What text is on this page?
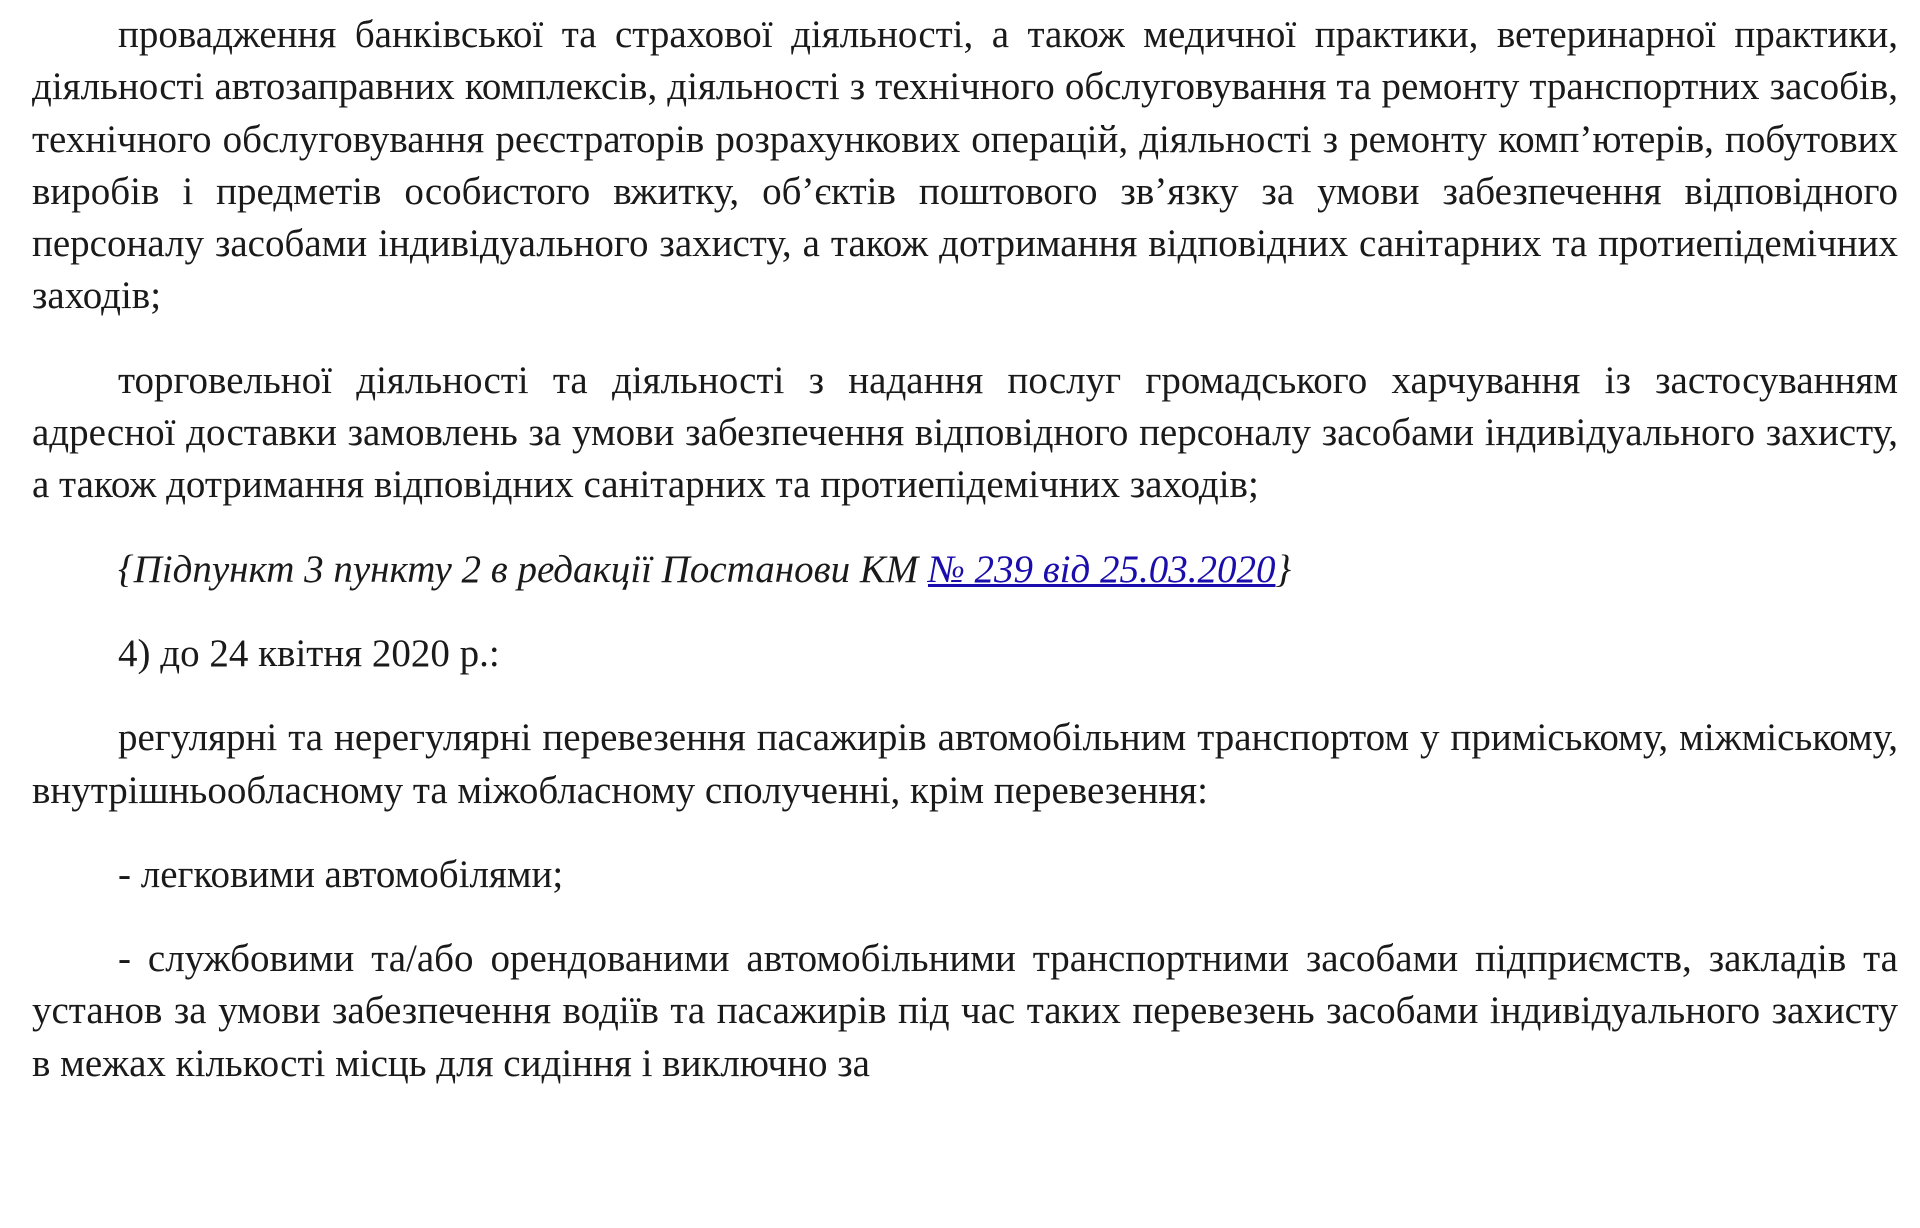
провадження банківської та страхової діяльності, а також медичної практики, ветеринарної практики, діяльності автозаправних комплексів, діяльності з технічного обслуговування та ремонту транспортних засобів, технічного обслуговування реєстраторів розрахункових операцій, діяльності з ремонту комп’ютерів, побутових виробів і предметів особистого вжитку, об’єктів поштового зв’язку за умови забезпечення відповідного персоналу засобами індивідуального захисту, а також дотримання відповідних санітарних та протиепідемічних заходів;

торговельної діяльності та діяльності з надання послуг громадського харчування із застосуванням адресної доставки замовлень за умови забезпечення відповідного персоналу засобами індивідуального захисту, а також дотримання відповідних санітарних та протиепідемічних заходів;

{Підпункт 3 пункту 2 в редакції Постанови КМ № 239 від 25.03.2020}

4) до 24 квітня 2020 р.:

регулярні та нерегулярні перевезення пасажирів автомобільним транспортом у приміському, міжміському, внутрішньообласному та міжобласному сполученні, крім перевезення:

- легковими автомобілями;

- службовими та/або орендованими автомобільними транспортними засобами підприємств, закладів та установ за умови забезпечення водіїв та пасажирів під час таких перевезень засобами індивідуального захисту в межах кількості місць для сидіння і виключно за
